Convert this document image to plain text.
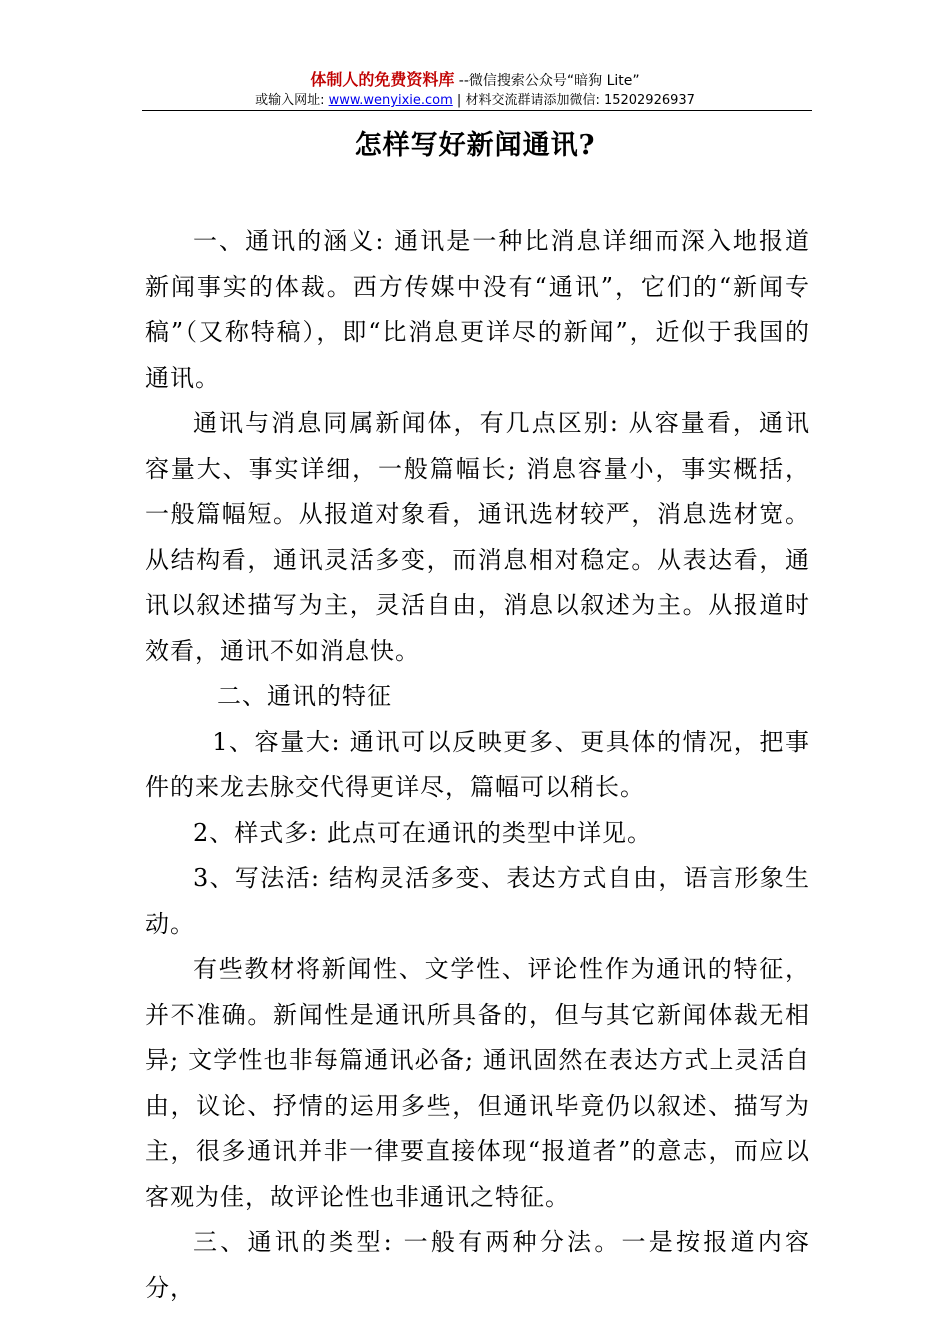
体制人的免费资料库 --微信搜索公众号“暗狗 Lite”
或输入网址: www.wenyixie.com | 材料交流群请添加微信: 15202926937
怎样写好新闻通讯?

一、通讯的涵义: 通讯是一种比消息详细而深入地报道新闻事实的体裁。西方传媒中没有“通讯”，它们的“新闻专稿”（又称特稿），即“比消息更详尽的新闻”，近似于我国的通讯。

通讯与消息同属新闻体，有几点区别: 从容量看，通讯容量大、事实详细，一般篇幅长; 消息容量小，事实概括，一般篇幅短。从报道对象看，通讯选材较严，消息选材宽。从结构看，通讯灵活多变，而消息相对稳定。从表达看，通讯以叙述描写为主，灵活自由，消息以叙述为主。从报道时效看，通讯不如消息快。

二、通讯的特征

1、容量大: 通讯可以反映更多、更具体的情况，把事件的来龙去脉交代得更详尽，篇幅可以稍长。

2、样式多: 此点可在通讯的类型中详见。

3、写法活: 结构灵活多变、表达方式自由，语言形象生动。

有些教材将新闻性、文学性、评论性作为通讯的特征，并不准确。新闻性是通讯所具备的，但与其它新闻体裁无相异; 文学性也非每篇通讯必备; 通讯固然在表达方式上灵活自由，议论、抒情的运用多些，但通讯毕竟仍以叙述、描写为主，很多通讯并非一律要直接体现“报道者”的意志，而应以客观为佳，故评论性也非通讯之特征。

三、通讯的类型: 一般有两种分法。一是按报道内容分，
